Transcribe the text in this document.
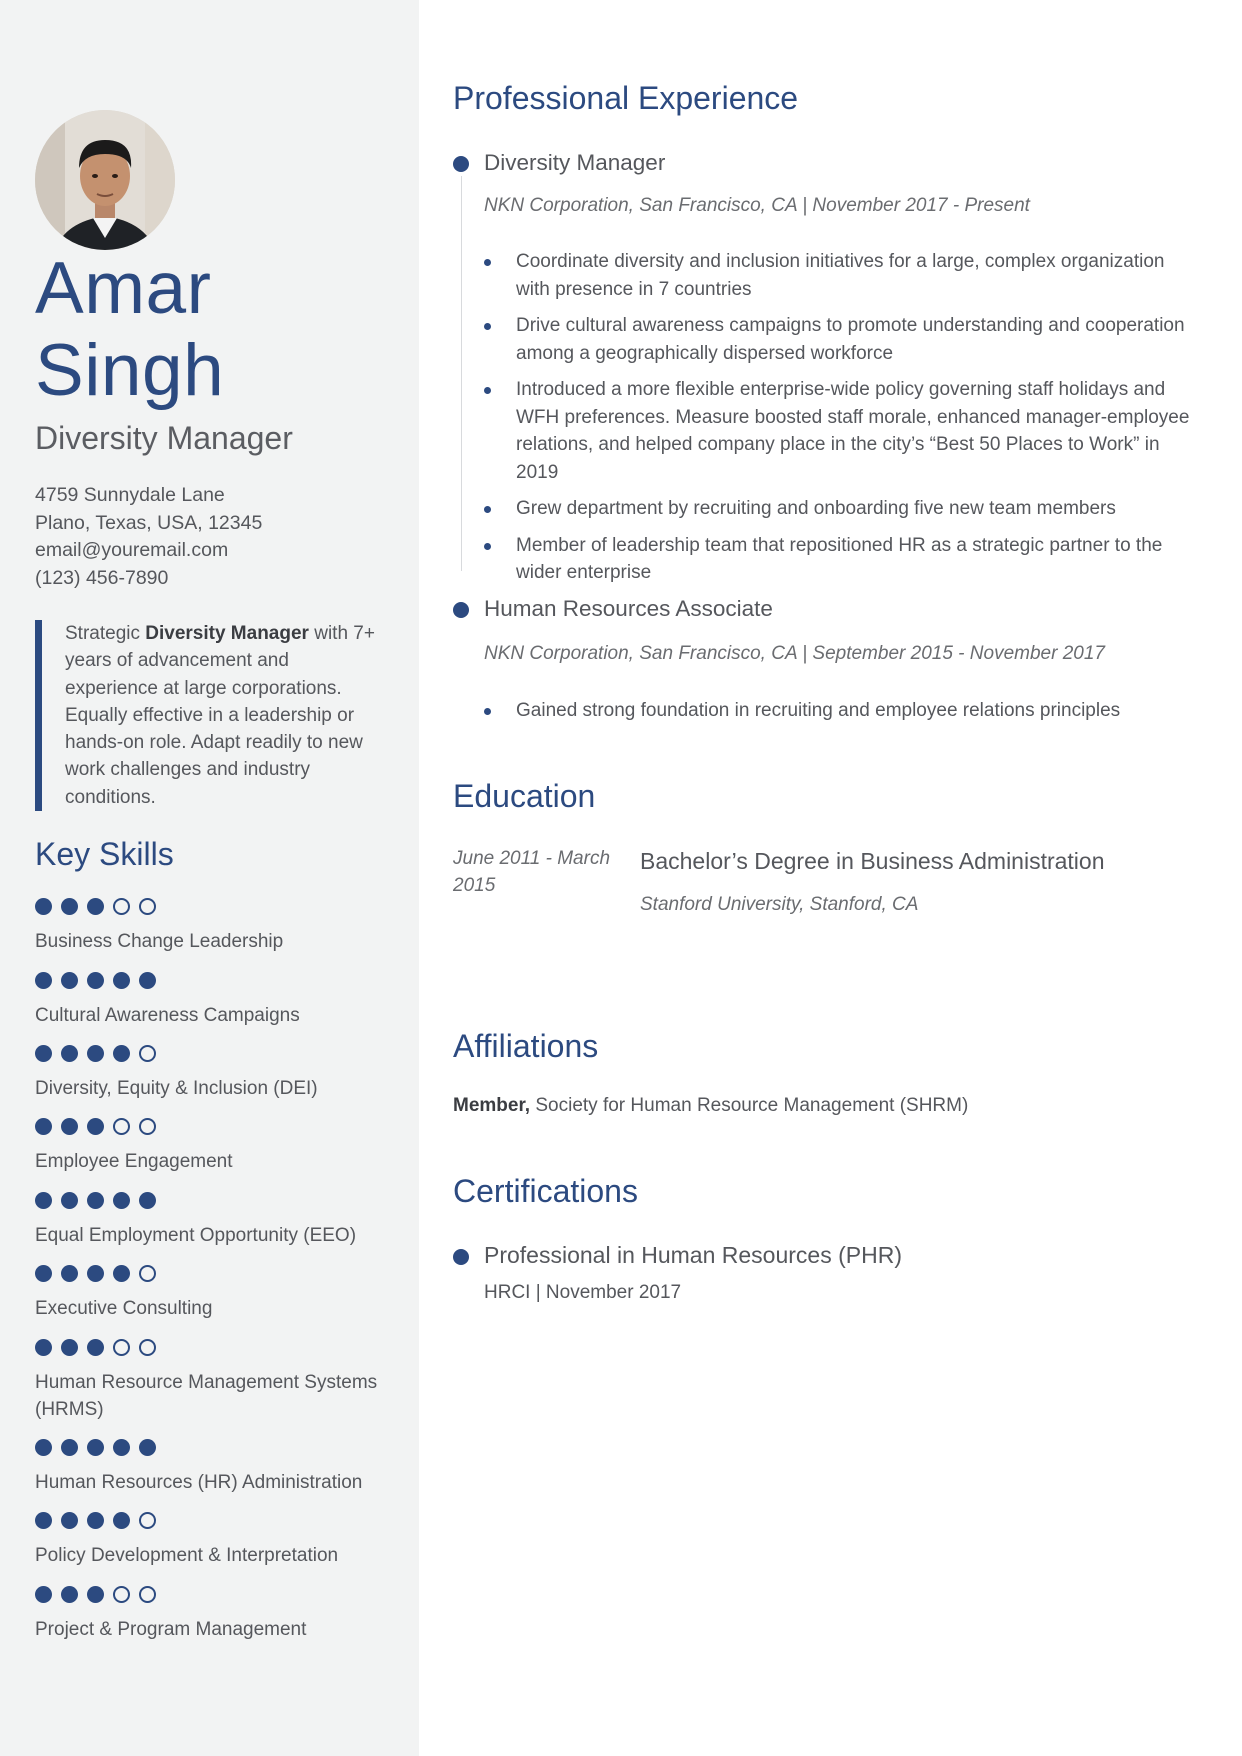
Amar
Singh
Diversity Manager
4759 Sunnydale Lane
Plano, Texas, USA, 12345
email@youremail.com
(123) 456-7890
Strategic Diversity Manager with 7+ years of advancement and experience at large corporations. Equally effective in a leadership or hands-on role. Adapt readily to new work challenges and industry conditions.
Key Skills
Business Change Leadership
Cultural Awareness Campaigns
Diversity, Equity & Inclusion (DEI)
Employee Engagement
Equal Employment Opportunity (EEO)
Executive Consulting
Human Resource Management Systems (HRMS)
Human Resources (HR) Administration
Policy Development & Interpretation
Project & Program Management
Professional Experience
Diversity Manager
NKN Corporation, San Francisco, CA | November 2017 - Present
Coordinate diversity and inclusion initiatives for a large, complex organization with presence in 7 countries
Drive cultural awareness campaigns to promote understanding and cooperation among a geographically dispersed workforce
Introduced a more flexible enterprise-wide policy governing staff holidays and WFH preferences. Measure boosted staff morale, enhanced manager-employee relations, and helped company place in the city’s “Best 50 Places to Work” in 2019
Grew department by recruiting and onboarding five new team members
Member of leadership team that repositioned HR as a strategic partner to the wider enterprise
Human Resources Associate
NKN Corporation, San Francisco, CA | September 2015 - November 2017
Gained strong foundation in recruiting and employee relations principles
Education
June 2011 - March 2015
Bachelor’s Degree in Business Administration
Stanford University, Stanford, CA
Affiliations
Member, Society for Human Resource Management (SHRM)
Certifications
Professional in Human Resources (PHR)
HRCI | November 2017
